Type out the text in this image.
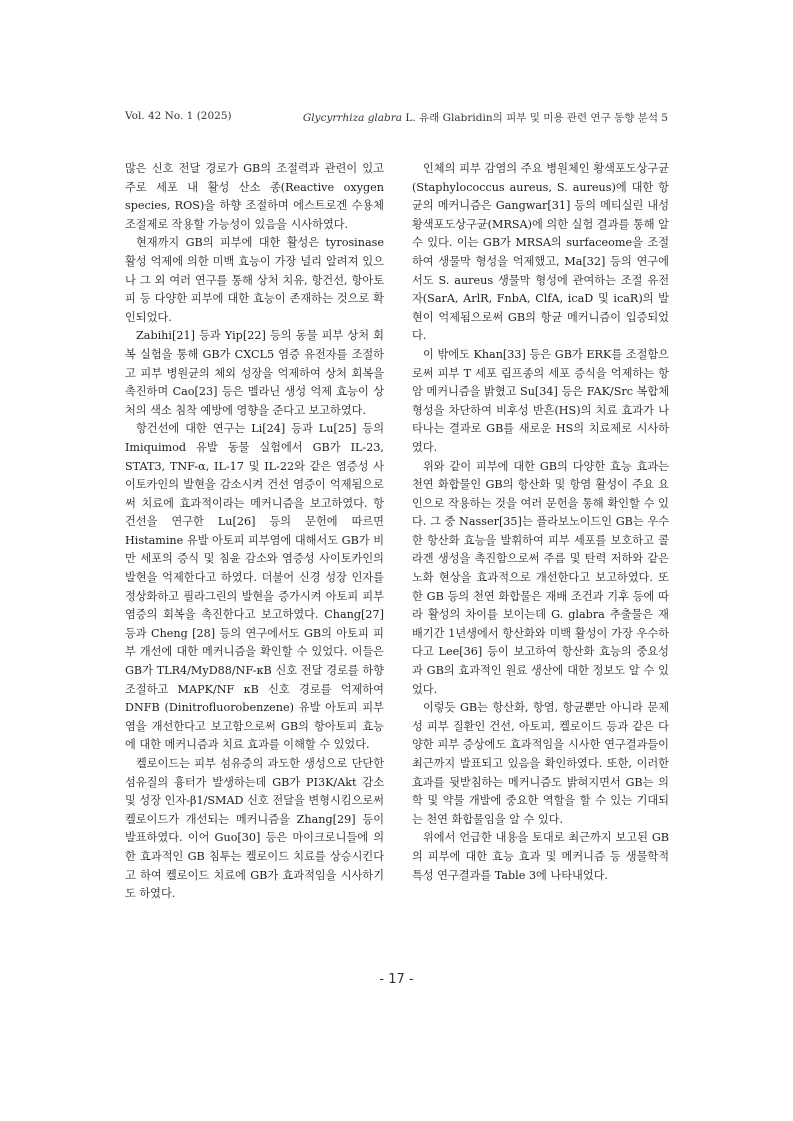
Vol. 42 No. 1 (2025)	Glycyrrhiza glabra L. 유래 Glabridin의 피부 및 미용 관련 연구 동향 분석 5

많은 신호 전달 경로가 GB의 조절력과 관련이 있고 주로 세포 내 활성 산소 종(Reactive oxygen species, ROS)을 하향 조절하며 에스트로겐 수용체 조절제로 작용할 가능성이 있음을 시사하였다.

현재까지 GB의 피부에 대한 활성은 tyrosinase 활성 억제에 의한 미백 효능이 가장 널리 알려져 있으나 그 외 여러 연구를 통해 상처 치유, 항건선, 항아토피 등 다양한 피부에 대한 효능이 존재하는 것으로 확인되었다.

Zabihi[21] 등과 Yip[22] 등의 동물 피부 상처 회복 실험을 통해 GB가 CXCL5 염증 유전자를 조절하고 피부 병원균의 체외 성장을 억제하여 상처 회복을 촉진하며 Cao[23] 등은 멜라닌 생성 억제 효능이 상처의 색소 침착 예방에 영향을 준다고 보고하였다.

항건선에 대한 연구는 Li[24] 등과 Lu[25] 등의 Imiquimod 유발 동물 실험에서 GB가 IL-23, STAT3, TNF-α, IL-17 및 IL-22와 같은 염증성 사이토카인의 발현을 감소시켜 건선 염증이 억제됨으로써 치료에 효과적이라는 메커니즘을 보고하였다. 항건선을 연구한 Lu[26] 등의 문헌에 따르면 Histamine 유발 아토피 피부염에 대해서도 GB가 비만 세포의 증식 및 침윤 감소와 염증성 사이토카인의 발현을 억제한다고 하였다. 더불어 신경 성장 인자를 정상화하고 필라그린의 발현을 증가시켜 아토피 피부 염증의 회복을 촉진한다고 보고하였다. Chang[27] 등과 Cheng [28] 등의 연구에서도 GB의 아토피 피부 개선에 대한 메커니즘을 확인할 수 있었다. 이들은 GB가 TLR4/MyD88/NF-κB 신호 전달 경로를 하향 조절하고 MAPK/NF κB 신호 경로를 억제하여 DNFB (Dinitrofluorobenzene) 유발 아토피 피부염을 개선한다고 보고함으로써 GB의 항아토피 효능에 대한 메커니즘과 치료 효과를 이해할 수 있었다.

켈로이드는 피부 섬유증의 과도한 생성으로 단단한 섬유질의 흉터가 발생하는데 GB가 PI3K/Akt 감소 및 성장 인자-β1/SMAD 신호 전달을 변형시킴으로써 켈로이드가 개선되는 메커니즘을 Zhang[29] 등이 발표하였다. 이어 Guo[30] 등은 마이크로니들에 의한 효과적인 GB 침투는 켈로이드 치료를 상승시킨다고 하여 켈로이드 치료에 GB가 효과적임을 시사하기도 하였다.

인체의 피부 감염의 주요 병원체인 황색포도상구균(Staphylococcus aureus, S. aureus)에 대한 항균의 메커니즘은 Gangwar[31] 등의 메티실린 내성 황색포도상구균(MRSA)에 의한 실험 결과를 통해 알 수 있다. 이는 GB가 MRSA의 surfaceome을 조절하여 생물막 형성을 억제했고, Ma[32] 등의 연구에서도 S. aureus 생물막 형성에 관여하는 조절 유전자(SarA, ArlR, FnbA, ClfA, icaD 및 icaR)의 발현이 억제됨으로써 GB의 항균 메커니즘이 입증되었다.

이 밖에도 Khan[33] 등은 GB가 ERK를 조절함으로써 피부 T 세포 림프종의 세포 증식을 억제하는 항암 메커니즘을 밝혔고 Su[34] 등은 FAK/Src 복합체 형성을 차단하여 비후성 반흔(HS)의 치료 효과가 나타나는 결과로 GB를 새로운 HS의 치료제로 시사하였다.

위와 같이 피부에 대한 GB의 다양한 효능 효과는 천연 화합물인 GB의 항산화 및 항염 활성이 주요 요인으로 작용하는 것을 여러 문헌을 통해 확인할 수 있다. 그 중 Nasser[35]는 플라보노이드인 GB는 우수한 항산화 효능을 발휘하여 피부 세포를 보호하고 콜라겐 생성을 촉진함으로써 주름 및 탄력 저하와 같은 노화 현상을 효과적으로 개선한다고 보고하였다. 또한 GB 등의 천연 화합물은 재배 조건과 기후 등에 따라 활성의 차이를 보이는데 G. glabra 추출물은 재배기간 1년생에서 항산화와 미백 활성이 가장 우수하다고 Lee[36] 등이 보고하여 항산화 효능의 중요성과 GB의 효과적인 원료 생산에 대한 정보도 알 수 있었다.

이렇듯 GB는 항산화, 항염, 항균뿐만 아니라 문제성 피부 질환인 건선, 아토피, 켈로이드 등과 같은 다양한 피부 증상에도 효과적임을 시사한 연구결과들이 최근까지 발표되고 있음을 확인하였다. 또한, 이러한 효과를 뒷받침하는 메커니즘도 밝혀지면서 GB는 의학 및 약물 개발에 중요한 역할을 할 수 있는 기대되는 천연 화합물임을 알 수 있다.

위에서 언급한 내용을 토대로 최근까지 보고된 GB의 피부에 대한 효능 효과 및 메커니즘 등 생물학적 특성 연구결과를 Table 3에 나타내었다.

- 17 -
